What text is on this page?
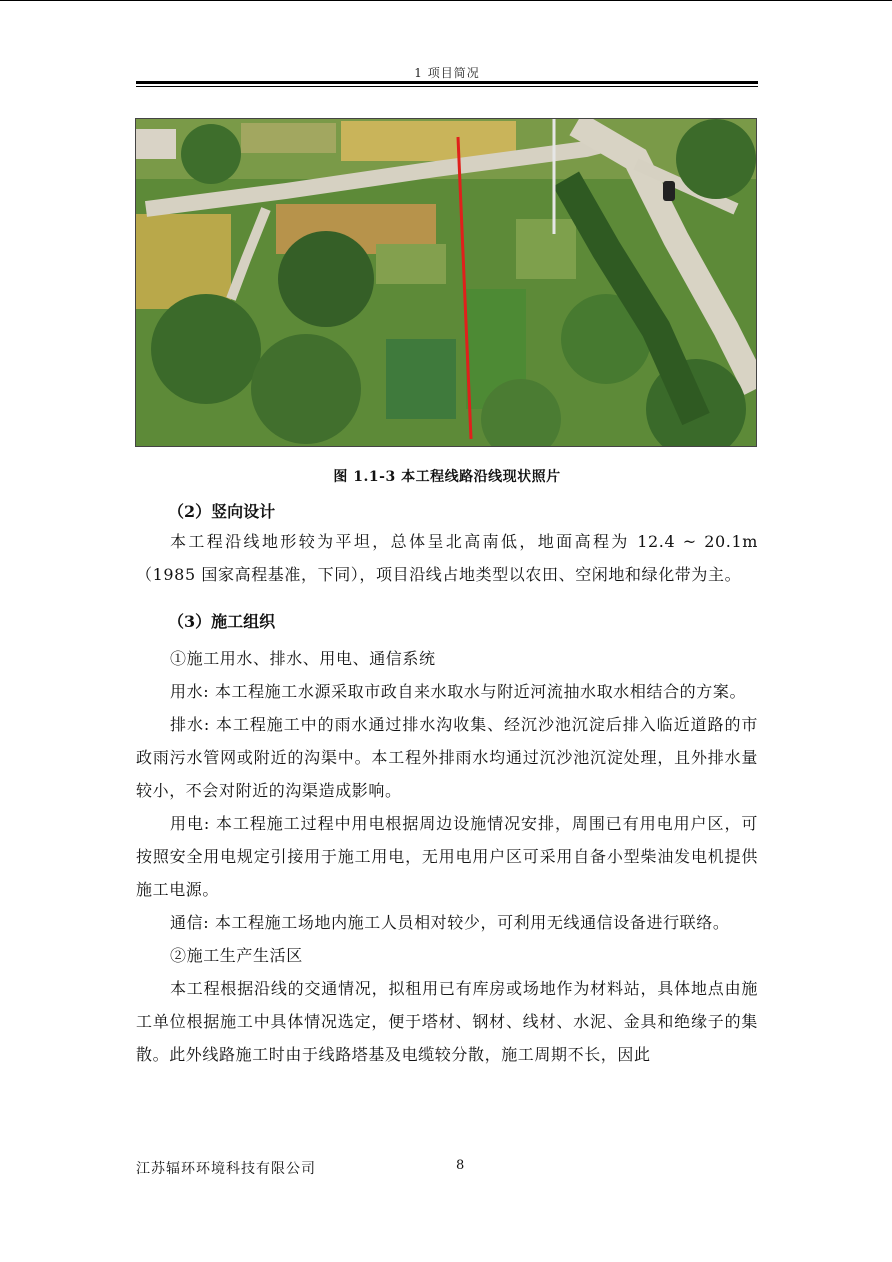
1 项目简况
图 1.1-3 本工程线路沿线现状照片
（2）竖向设计

本工程沿线地形较为平坦，总体呈北高南低，地面高程为 12.4 ~ 20.1m（1985 国家高程基准，下同），项目沿线占地类型以农田、空闲地和绿化带为主。

（3）施工组织
①施工用水、排水、用电、通信系统

用水: 本工程施工水源采取市政自来水取水与附近河流抽水取水相结合的方案。

排水: 本工程施工中的雨水通过排水沟收集、经沉沙池沉淀后排入临近道路的市政雨污水管网或附近的沟渠中。本工程外排雨水均通过沉沙池沉淀处理，且外排水量较小，不会对附近的沟渠造成影响。

用电: 本工程施工过程中用电根据周边设施情况安排，周围已有用电用户区，可按照安全用电规定引接用于施工用电，无用电用户区可采用自备小型柴油发电机提供施工电源。

通信: 本工程施工场地内施工人员相对较少，可利用无线通信设备进行联络。

②施工生产生活区

本工程根据沿线的交通情况，拟租用已有库房或场地作为材料站，具体地点由施工单位根据施工中具体情况选定，便于塔材、钢材、线材、水泥、金具和绝缘子的集散。此外线路施工时由于线路塔基及电缆较分散，施工周期不长，因此

江苏辐环环境科技有限公司	8
